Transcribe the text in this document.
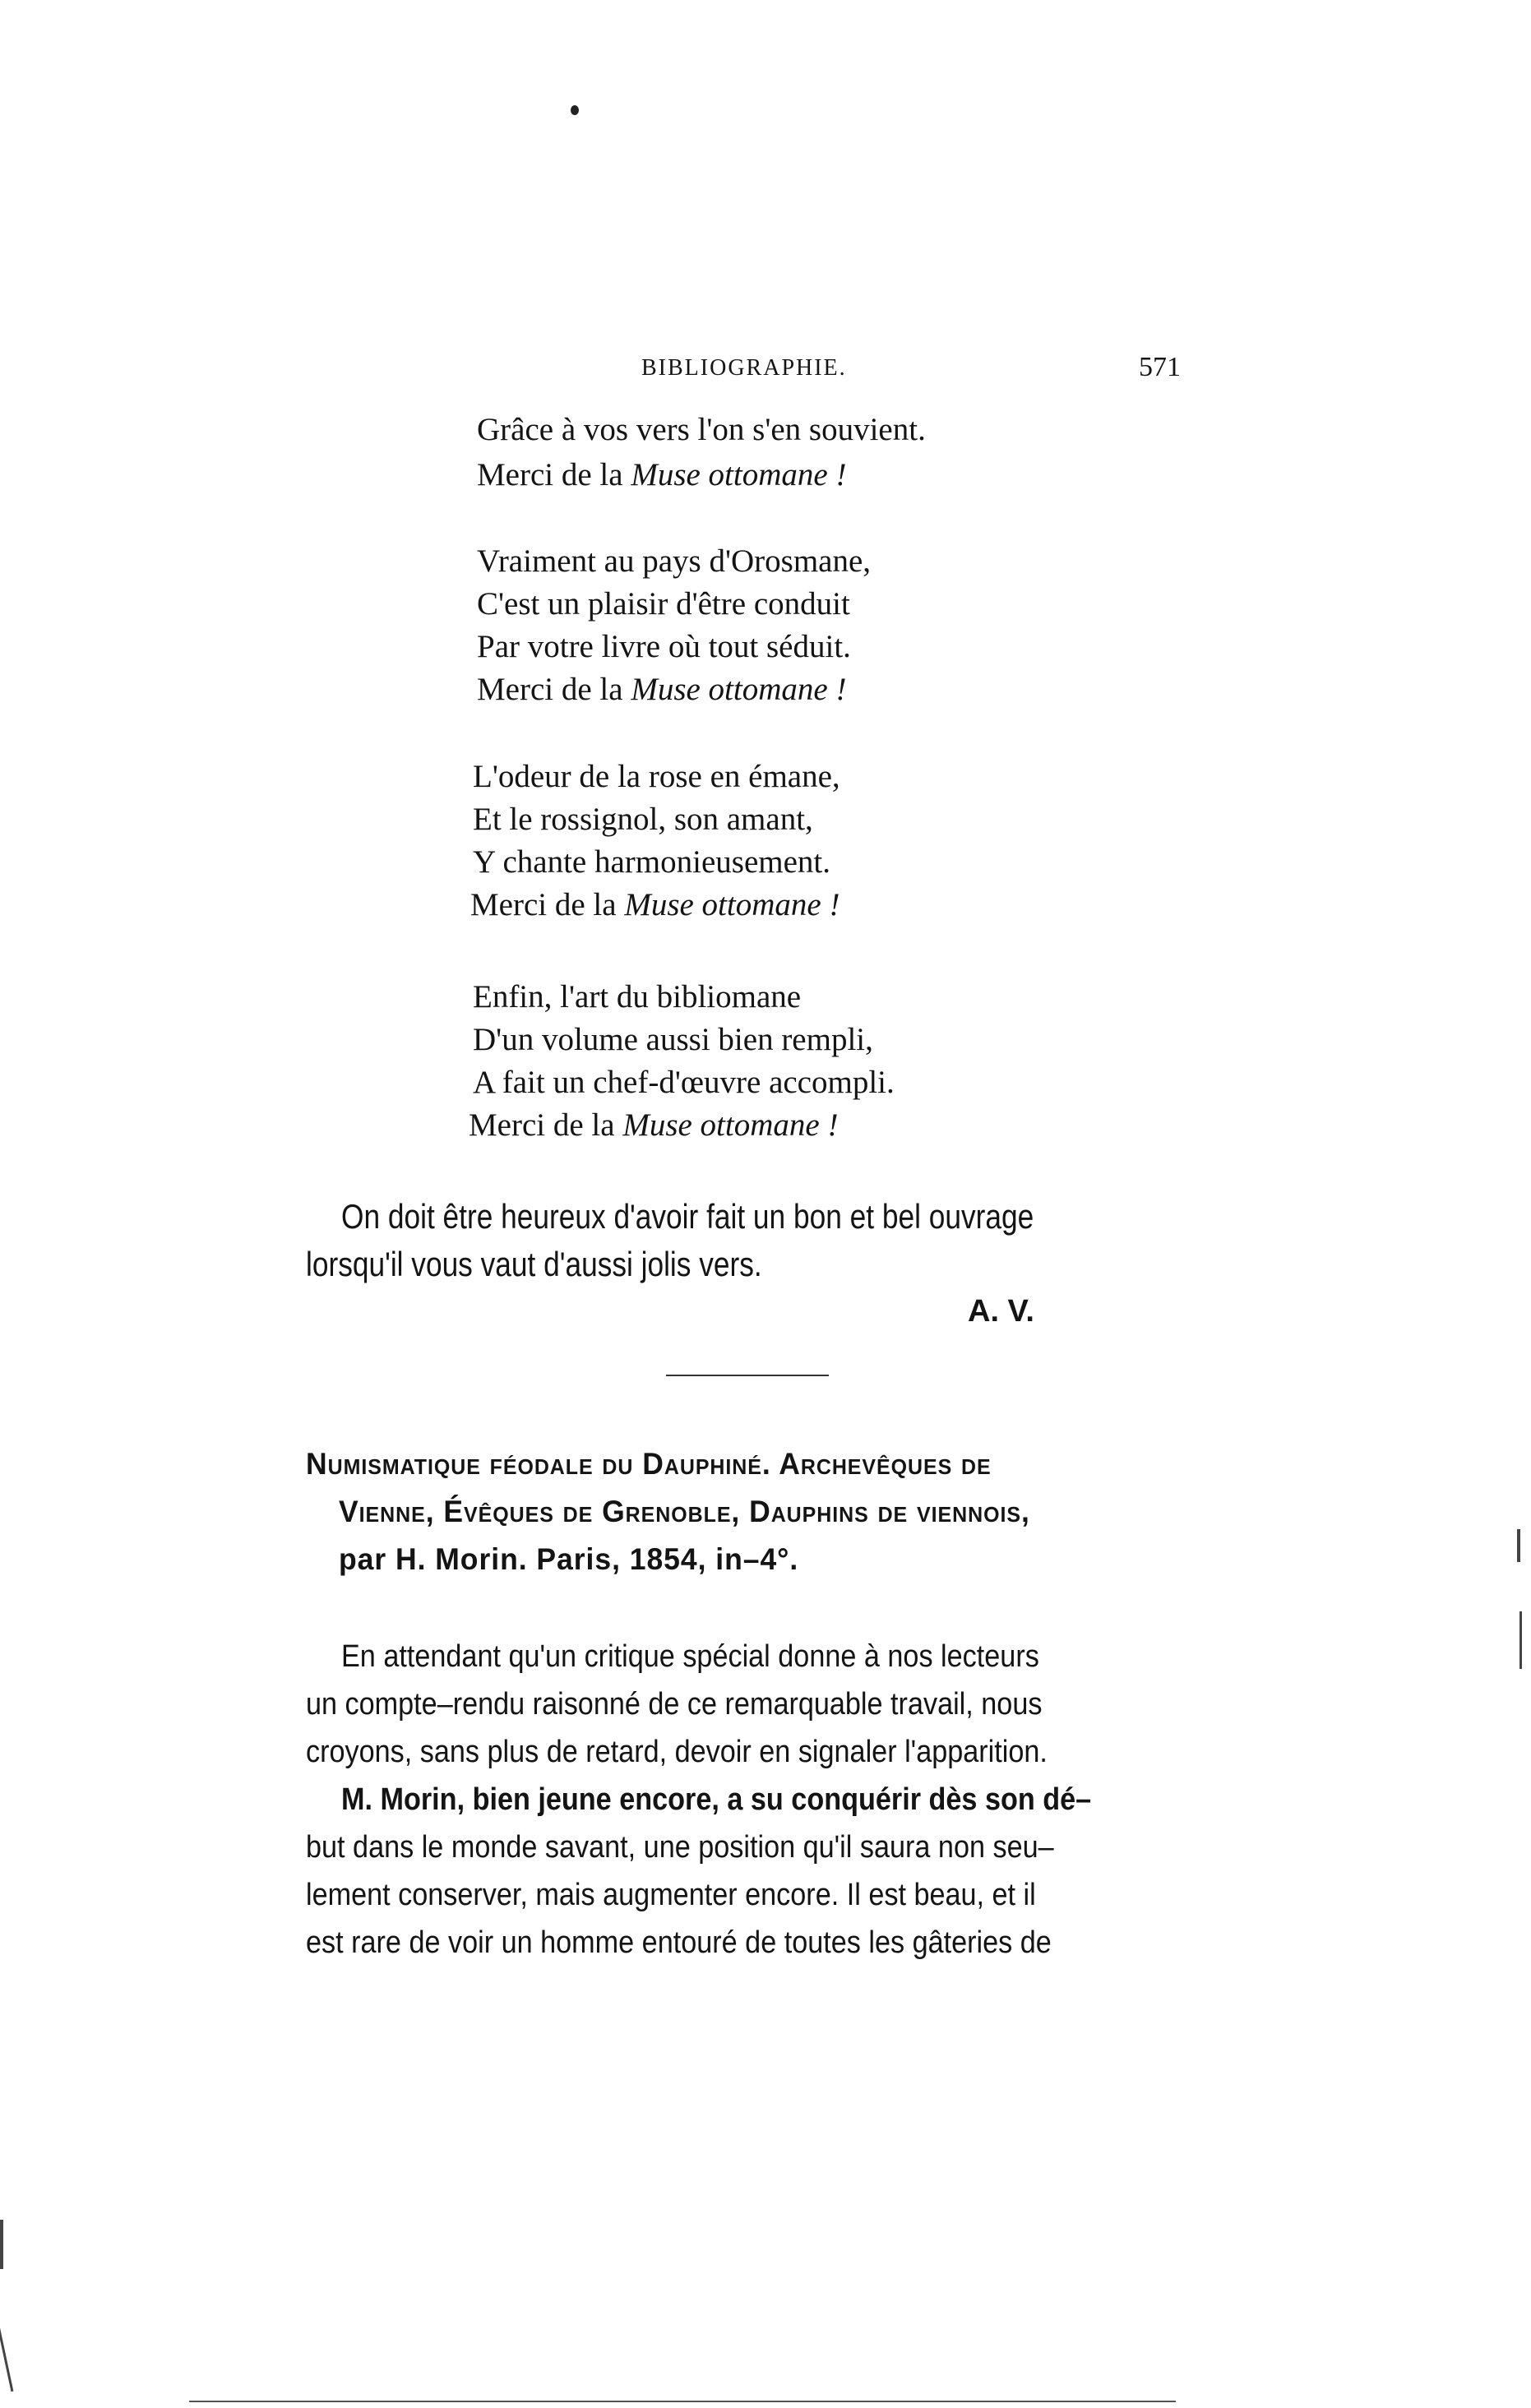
BIBLIOGRAPHIE.	571
Grâce à vos vers l'on s'en souvient.
Merci de la Muse ottomane !
Vraiment au pays d'Orosmane,
C'est un plaisir d'être conduit
Par votre livre où tout séduit.
Merci de la Muse ottomane !
L'odeur de la rose en émane,
Et le rossignol, son amant,
Y chante harmonieusement.
Merci de la Muse ottomane !
Enfin, l'art du bibliomane
D'un volume aussi bien rempli,
A fait un chef-d'œuvre accompli.
Merci de la Muse ottomane !
On doit être heureux d'avoir fait un bon et bel ouvrage
lorsqu'il vous vaut d'aussi jolis vers.
A. V.
Numismatique féodale du Dauphiné. Archevêques de
Vienne, Évêques de Grenoble, Dauphins de viennois,
par H. Morin. Paris, 1854, in–4°.
En attendant qu'un critique spécial donne à nos lecteurs
un compte–rendu raisonné de ce remarquable travail, nous
croyons, sans plus de retard, devoir en signaler l'apparition.
M. Morin, bien jeune encore, a su conquérir dès son dé–
but dans le monde savant, une position qu'il saura non seu–
lement conserver, mais augmenter encore. Il est beau, et il
est rare de voir un homme entouré de toutes les gâteries de
